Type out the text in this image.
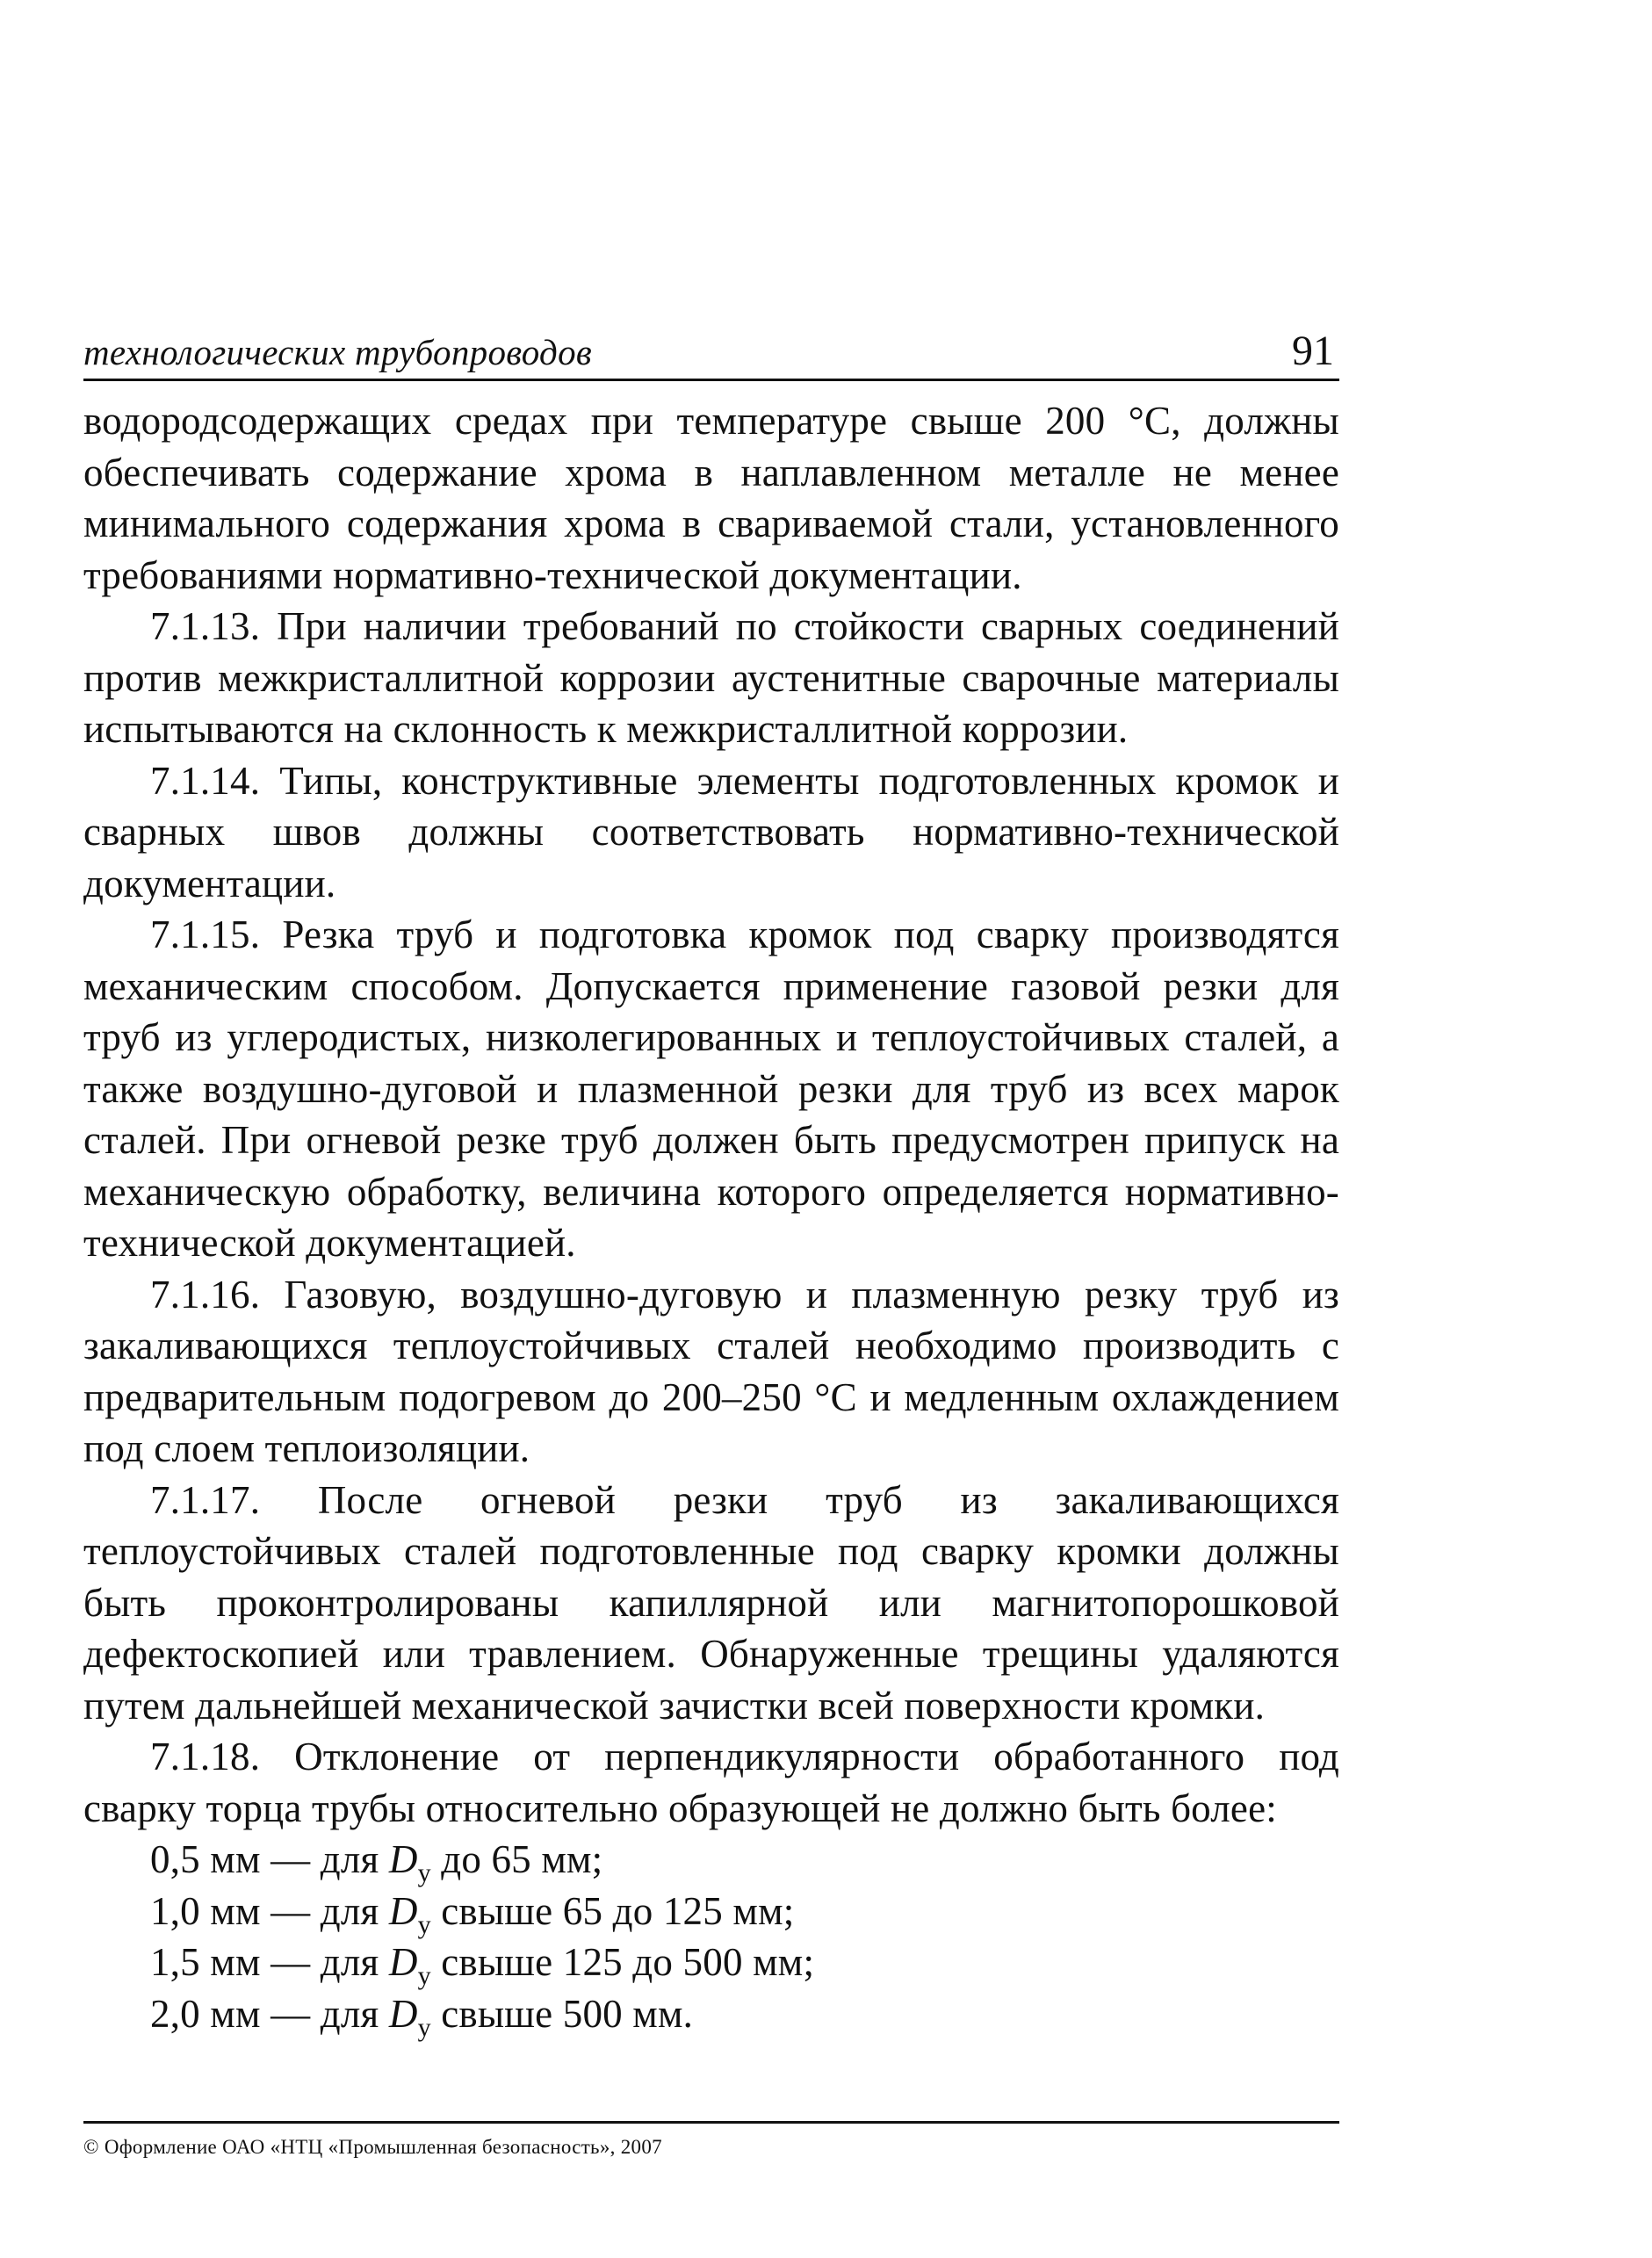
технологических трубопроводов	91

водородсодержащих средах при температуре свыше 200 °С, должны обеспечивать содержание хрома в наплавленном металле не менее минимального содержания хрома в свариваемой стали, установленного требованиями нормативно-технической документации.

7.1.13. При наличии требований по стойкости сварных соединений против межкристаллитной коррозии аустенитные сварочные материалы испытываются на склонность к межкристаллитной коррозии.

7.1.14. Типы, конструктивные элементы подготовленных кромок и сварных швов должны соответствовать нормативно-технической документации.

7.1.15. Резка труб и подготовка кромок под сварку производятся механическим способом. Допускается применение газовой резки для труб из углеродистых, низколегированных и теплоустойчивых сталей, а также воздушно-дуговой и плазменной резки для труб из всех марок сталей. При огневой резке труб должен быть предусмотрен припуск на механическую обработку, величина которого определяется нормативно-технической документацией.

7.1.16. Газовую, воздушно-дуговую и плазменную резку труб из закаливающихся теплоустойчивых сталей необходимо производить с предварительным подогревом до 200–250 °С и медленным охлаждением под слоем теплоизоляции.

7.1.17. После огневой резки труб из закаливающихся теплоустойчивых сталей подготовленные под сварку кромки должны быть проконтролированы капиллярной или магнитопорошковой дефектоскопией или травлением. Обнаруженные трещины удаляются путем дальнейшей механической зачистки всей поверхности кромки.

7.1.18. Отклонение от перпендикулярности обработанного под сварку торца трубы относительно образующей не должно быть более:

0,5 мм — для $D_у$ до 65 мм;
1,0 мм — для $D_у$ свыше 65 до 125 мм;
1,5 мм — для $D_у$ свыше 125 до 500 мм;
2,0 мм — для $D_у$ свыше 500 мм.
© Оформление ОАО «НТЦ «Промышленная безопасность», 2007
